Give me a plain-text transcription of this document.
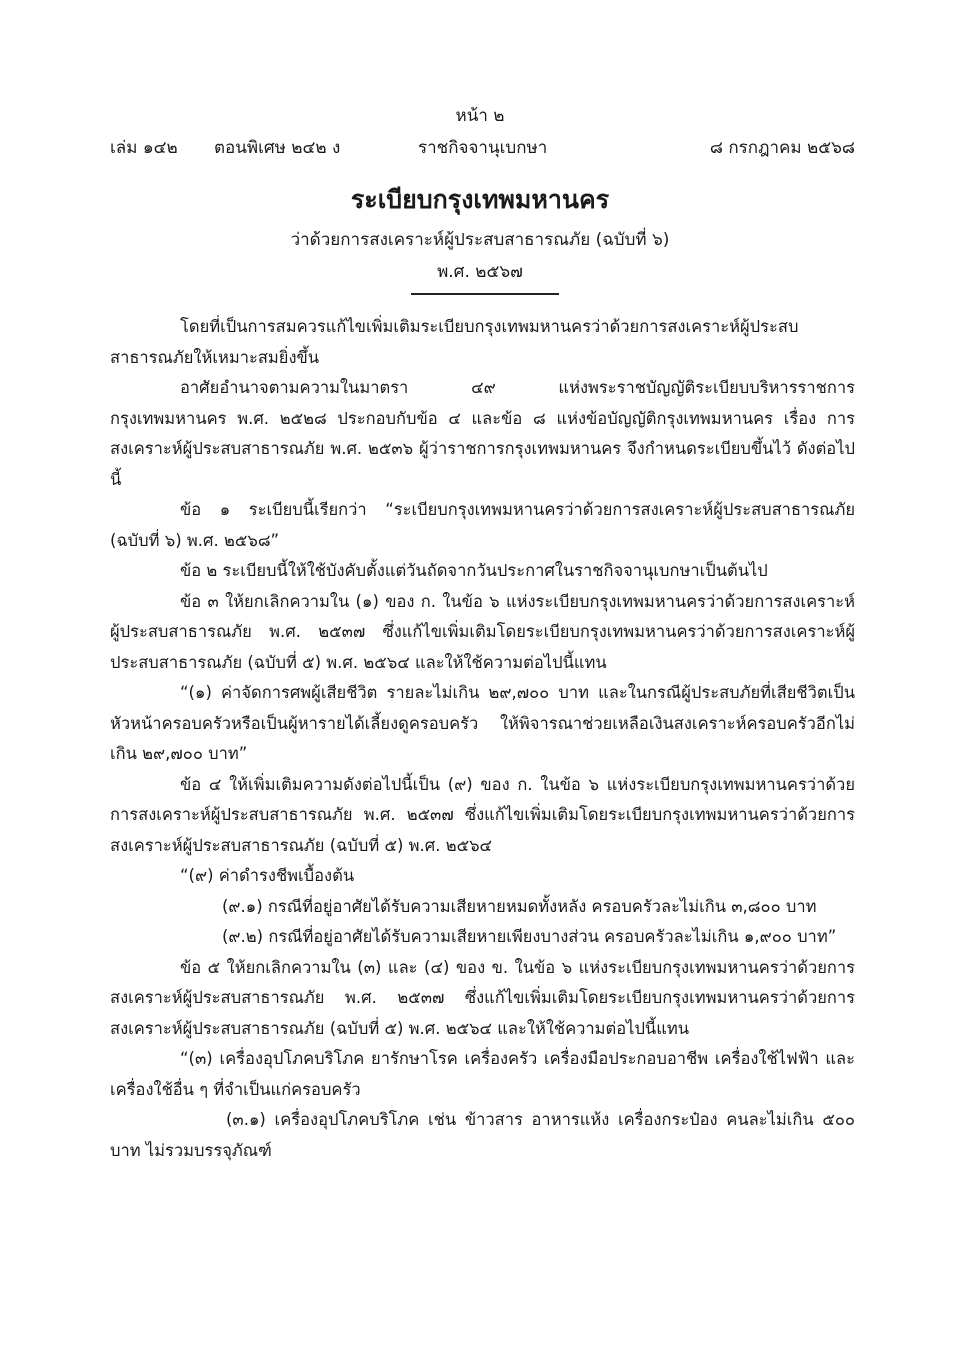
หน้า ๒
เล่ม ๑๔๒ ตอนพิเศษ ๒๔๒ ง	ราชกิจจานุเบกษา	๘ กรกฎาคม ๒๕๖๘
ระเบียบกรุงเทพมหานคร
ว่าด้วยการสงเคราะห์ผู้ประสบสาธารณภัย (ฉบับที่ ๖)
พ.ศ. ๒๕๖๗

โดยที่เป็นการสมควรแก้ไขเพิ่มเติมระเบียบกรุงเทพมหานครว่าด้วยการสงเคราะห์ผู้ประสบสาธารณภัยให้เหมาะสมยิ่งขึ้น

อาศัยอำนาจตามความในมาตรา ๔๙ แห่งพระราชบัญญัติระเบียบบริหารราชการกรุงเทพมหานคร พ.ศ. ๒๕๒๘ ประกอบกับข้อ ๔ และข้อ ๘ แห่งข้อบัญญัติกรุงเทพมหานคร เรื่อง การสงเคราะห์ผู้ประสบสาธารณภัย พ.ศ. ๒๕๓๖ ผู้ว่าราชการกรุงเทพมหานคร จึงกำหนดระเบียบขึ้นไว้ ดังต่อไปนี้

ข้อ ๑ ระเบียบนี้เรียกว่า “ระเบียบกรุงเทพมหานครว่าด้วยการสงเคราะห์ผู้ประสบสาธารณภัย (ฉบับที่ ๖) พ.ศ. ๒๕๖๘”

ข้อ ๒ ระเบียบนี้ให้ใช้บังคับตั้งแต่วันถัดจากวันประกาศในราชกิจจานุเบกษาเป็นต้นไป

ข้อ ๓ ให้ยกเลิกความใน (๑) ของ ก. ในข้อ ๖ แห่งระเบียบกรุงเทพมหานครว่าด้วยการสงเคราะห์ผู้ประสบสาธารณภัย พ.ศ. ๒๕๓๗ ซึ่งแก้ไขเพิ่มเติมโดยระเบียบกรุงเทพมหานครว่าด้วยการสงเคราะห์ผู้ประสบสาธารณภัย (ฉบับที่ ๕) พ.ศ. ๒๕๖๔ และให้ใช้ความต่อไปนี้แทน

“(๑) ค่าจัดการศพผู้เสียชีวิต รายละไม่เกิน ๒๙,๗๐๐ บาท และในกรณีผู้ประสบภัยที่เสียชีวิตเป็นหัวหน้าครอบครัวหรือเป็นผู้หารายได้เลี้ยงดูครอบครัว ให้พิจารณาช่วยเหลือเงินสงเคราะห์ครอบครัวอีกไม่เกิน ๒๙,๗๐๐ บาท”

ข้อ ๔ ให้เพิ่มเติมความดังต่อไปนี้เป็น (๙) ของ ก. ในข้อ ๖ แห่งระเบียบกรุงเทพมหานครว่าด้วยการสงเคราะห์ผู้ประสบสาธารณภัย พ.ศ. ๒๕๓๗ ซึ่งแก้ไขเพิ่มเติมโดยระเบียบกรุงเทพมหานครว่าด้วยการสงเคราะห์ผู้ประสบสาธารณภัย (ฉบับที่ ๕) พ.ศ. ๒๕๖๔

“(๙) ค่าดำรงชีพเบื้องต้น

(๙.๑) กรณีที่อยู่อาศัยได้รับความเสียหายหมดทั้งหลัง ครอบครัวละไม่เกิน ๓,๘๐๐ บาท

(๙.๒) กรณีที่อยู่อาศัยได้รับความเสียหายเพียงบางส่วน ครอบครัวละไม่เกิน ๑,๙๐๐ บาท”

ข้อ ๕ ให้ยกเลิกความใน (๓) และ (๔) ของ ข. ในข้อ ๖ แห่งระเบียบกรุงเทพมหานครว่าด้วยการสงเคราะห์ผู้ประสบสาธารณภัย พ.ศ. ๒๕๓๗ ซึ่งแก้ไขเพิ่มเติมโดยระเบียบกรุงเทพมหานครว่าด้วยการสงเคราะห์ผู้ประสบสาธารณภัย (ฉบับที่ ๕) พ.ศ. ๒๕๖๔ และให้ใช้ความต่อไปนี้แทน

“(๓) เครื่องอุปโภคบริโภค ยารักษาโรค เครื่องครัว เครื่องมือประกอบอาชีพ เครื่องใช้ไฟฟ้า และเครื่องใช้อื่น ๆ ที่จำเป็นแก่ครอบครัว

(๓.๑) เครื่องอุปโภคบริโภค เช่น ข้าวสาร อาหารแห้ง เครื่องกระป๋อง คนละไม่เกิน ๕๐๐ บาท ไม่รวมบรรจุภัณฑ์
